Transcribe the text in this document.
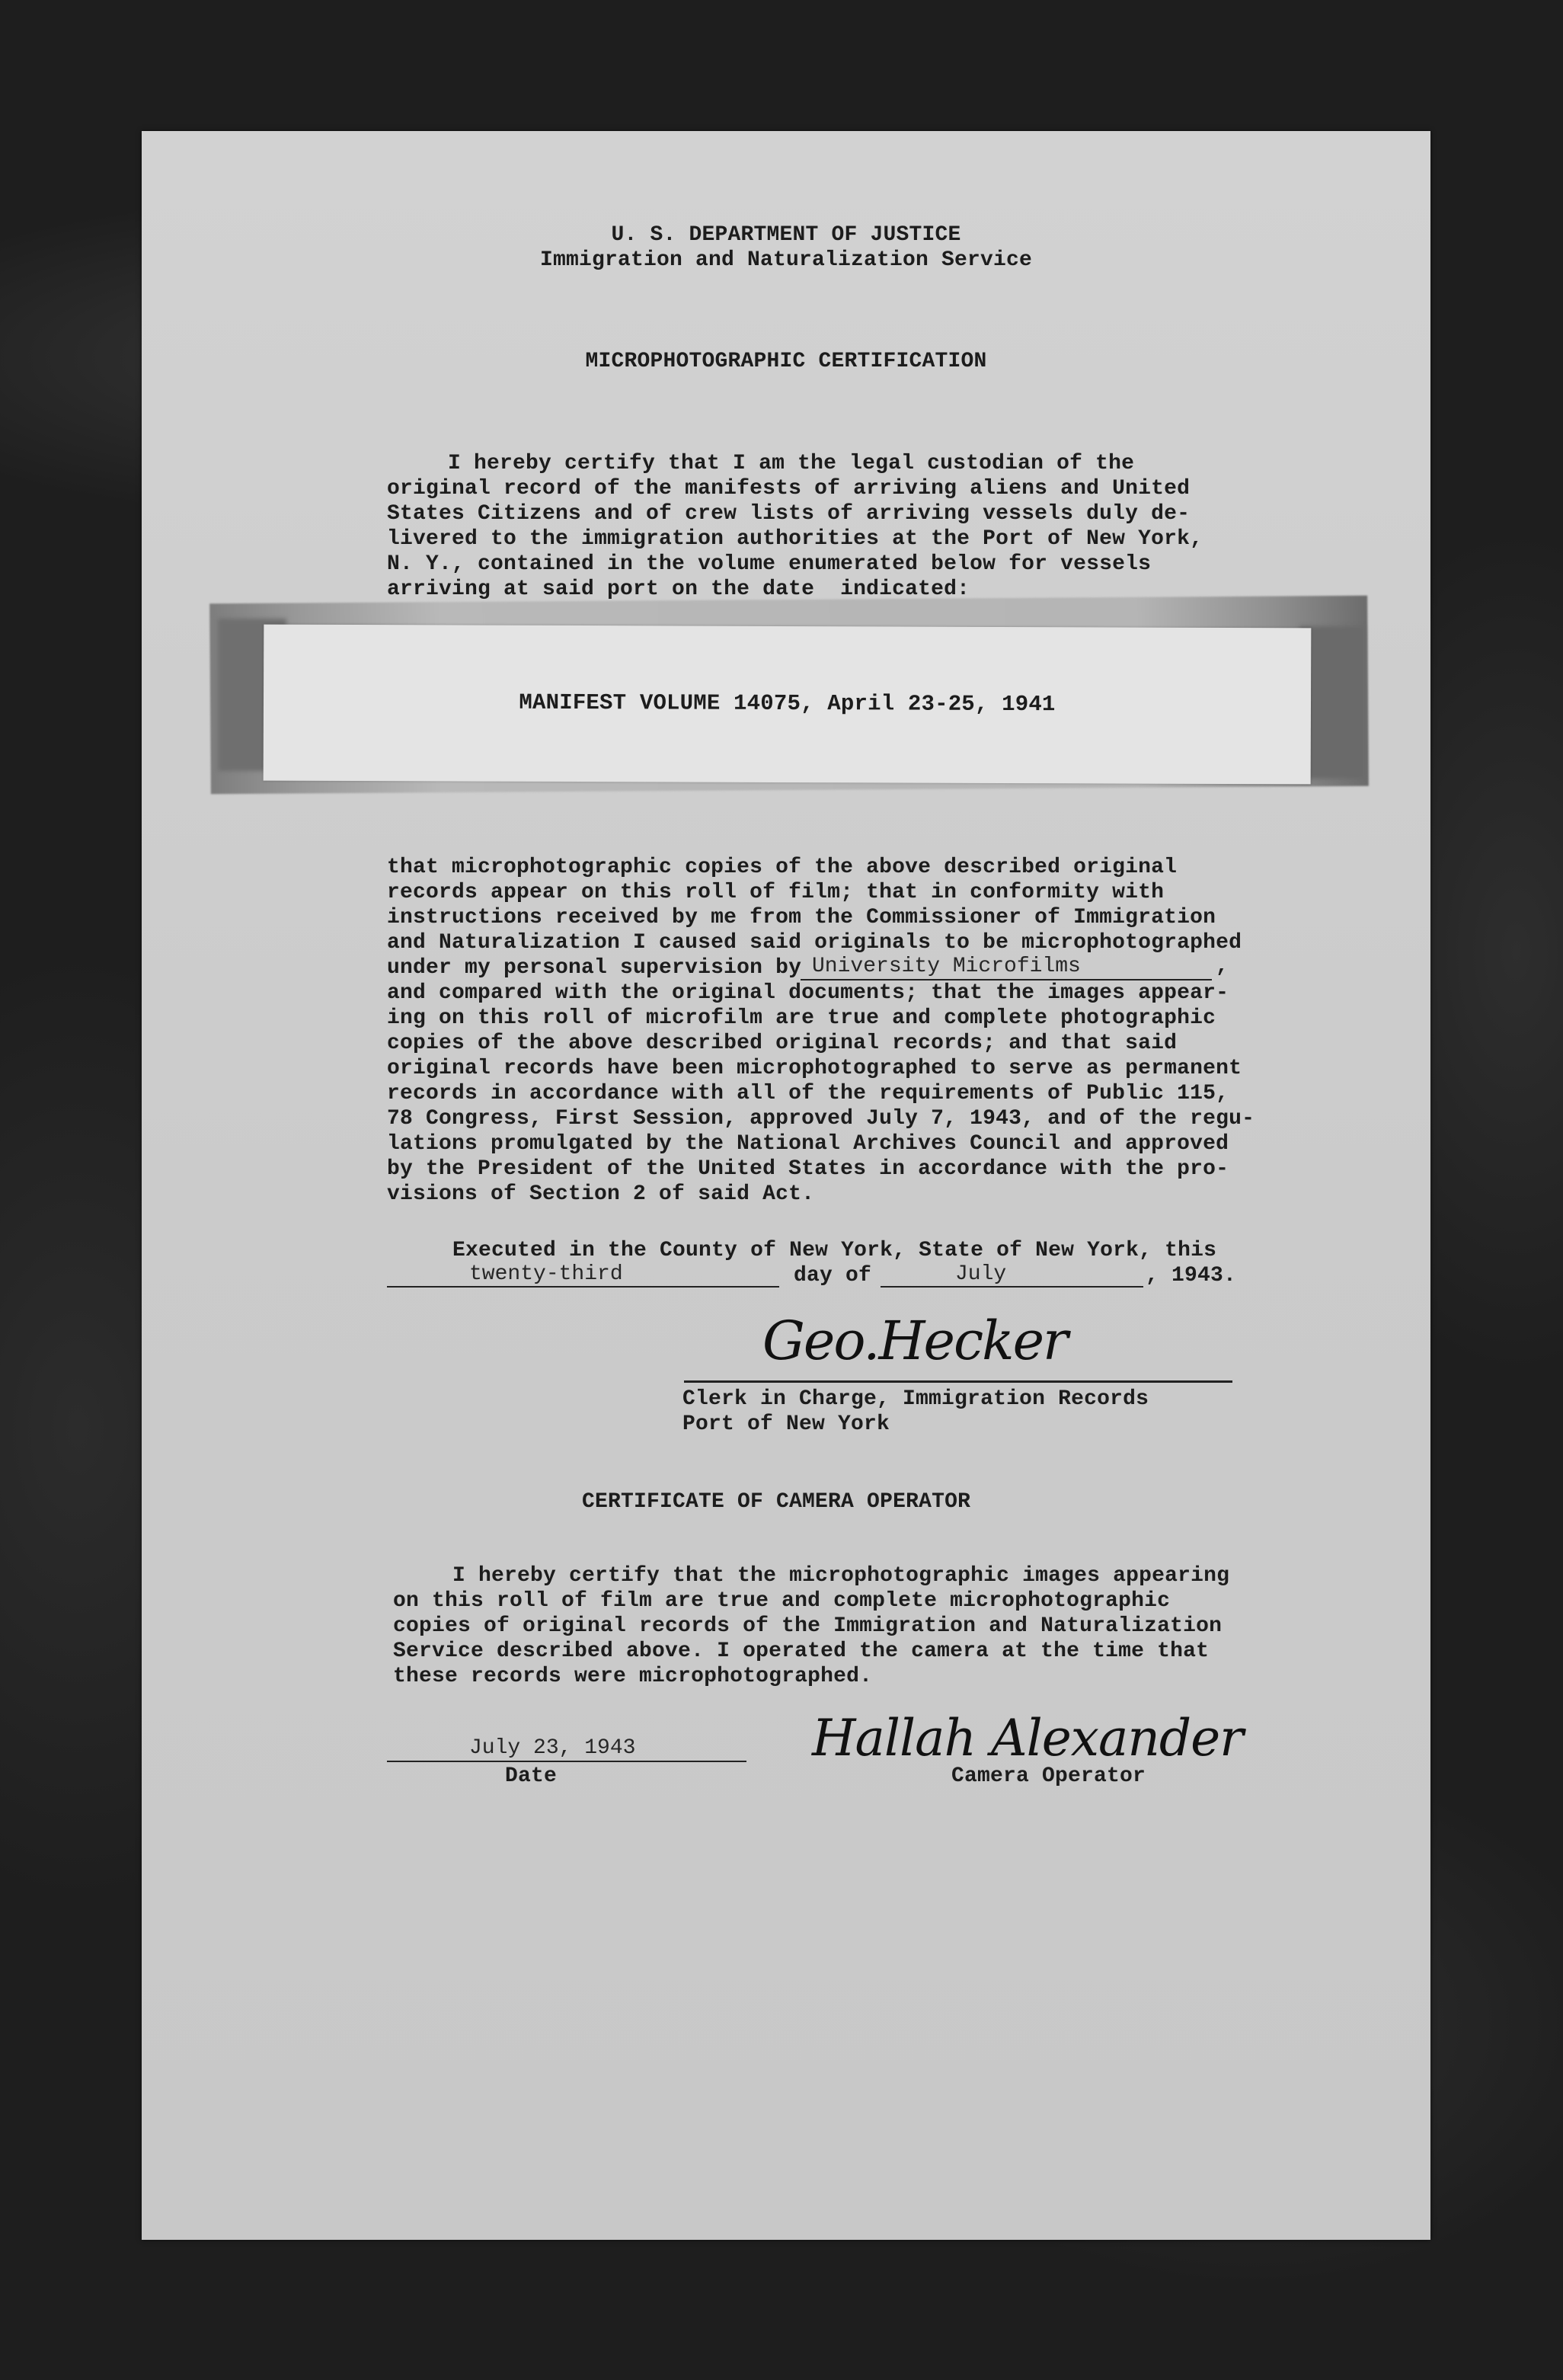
U. S. DEPARTMENT OF JUSTICE
Immigration and Naturalization Service
MICROPHOTOGRAPHIC CERTIFICATION
I hereby certify that I am the legal custodian of the
original record of the manifests of arriving aliens and United
States Citizens and of crew lists of arriving vessels duly de-
livered to the immigration authorities at the Port of New York,
N. Y., contained in the volume enumerated below for vessels
arriving at said port on the date  indicated:
MANIFEST VOLUME 14075, April 23-25, 1941
that microphotographic copies of the above described original
records appear on this roll of film; that in conformity with
instructions received by me from the Commissioner of Immigration
and Naturalization I caused said originals to be microphotographed
under my personal supervision by University Microfilms	,
and compared with the original documents; that the images appear-
ing on this roll of microfilm are true and complete photographic
copies of the above described original records; and that said
original records have been microphotographed to serve as permanent
records in accordance with all of the requirements of Public 115,
78 Congress, First Session, approved July 7, 1943, and of the regu-
lations promulgated by the National Archives Council and approved
by the President of the United States in accordance with the pro-
visions of Section 2 of said Act.
Executed in the County of New York, State of New York, this
twenty-third	day of	July	, 1943.
Geo.Hecker
Clerk in Charge, Immigration Records
Port of New York
CERTIFICATE OF CAMERA OPERATOR
I hereby certify that the microphotographic images appearing
on this roll of film are true and complete microphotographic
copies of original records of the Immigration and Naturalization
Service described above. I operated the camera at the time that
these records were microphotographed.
July 23, 1943
Date
Hallah Alexander
Camera Operator
